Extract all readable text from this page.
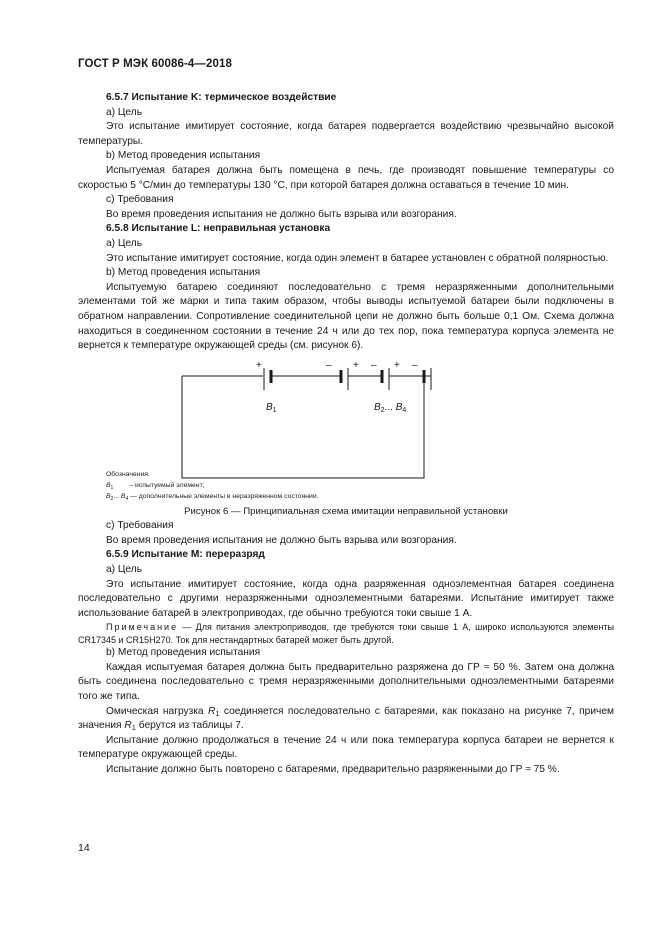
ГОСТ Р МЭК 60086-4—2018

6.5.7 Испытание K: термическое воздействие

a) Цель

Это испытание имитирует состояние, когда батарея подвергается воздействию чрезвычайно высокой температуры.

b) Метод проведения испытания

Испытуемая батарея должна быть помещена в печь, где производят повышение температуры со скоростью 5 °C/мин до температуры 130 °C, при которой батарея должна оставаться в течение 10 мин.

c) Требования

Во время проведения испытания не должно быть взрыва или возгорания.

6.5.8 Испытание L: неправильная установка

a) Цель

Это испытание имитирует состояние, когда один элемент в батарее установлен с обратной полярностью.

b) Метод проведения испытания

Испытуемую батарею соединяют последовательно с тремя неразряженными дополнительными элементами той же марки и типа таким образом, чтобы выводы испытуемой батареи были подключены в обратном направлении. Сопротивление соединительной цепи не должно быть больше 0,1 Ом. Схема должна находиться в соединенном состоянии в течение 24 ч или до тех пор, пока температура корпуса элемента не вернется к температуре окружающей среды (см. рисунок 6).

+	– + – + –
$B_1$	$B_2$... $B_4$
Обозначения.
$B_1$ – испытуемый элемент;
$B_2$... $B_4$ — дополнительные элементы в неразряженном состоянии.

Рисунок 6 — Принципиальная схема имитации неправильной установки

c) Требования

Во время проведения испытания не должно быть взрыва или возгорания.

6.5.9 Испытание М: переразряд

a) Цель

Это испытание имитирует состояние, когда одна разряженная одноэлементная батарея соединена последовательно с другими неразряженными одноэлементными батареями. Испытание имитирует также использование батарей в электроприводах, где обычно требуются токи свыше 1 А.

Примечание — Для питания электроприводов, где требуются токи свыше 1 А, широко используются элементы CR17345 и CR15H270. Ток для нестандартных батарей может быть другой.

b) Метод проведения испытания

Каждая испытуемая батарея должна быть предварительно разряжена до ГР ≈ 50 %. Затем она должна быть соединена последовательно с тремя неразряженными дополнительными одноэлементными батареями того же типа.

Омическая нагрузка $R_1$ соединяется последовательно с батареями, как показано на рисунке 7, причем значения $R_1$ берутся из таблицы 7.

Испытание должно продолжаться в течение 24 ч или пока температура корпуса батареи не вернется к температуре окружающей среды.

Испытание должно быть повторено с батареями, предварительно разряженными до ГР ≈ 75 %.

14
